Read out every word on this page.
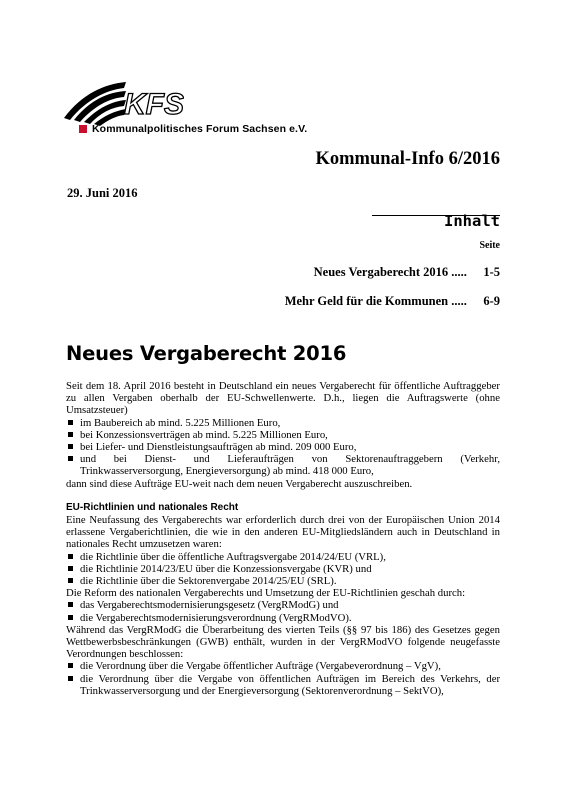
KFS
Kommunalpolitisches Forum Sachsen e.V.
Kommunal-Info 6/2016
29. Juni 2016
Inhalt
Seite
Neues Vergaberecht 2016 ..... 1-5
Mehr Geld für die Kommunen ..... 6-9
Neues Vergaberecht 2016

Seit dem 18. April 2016 besteht in Deutschland ein neues Vergaberecht für öffentliche Auftraggeber zu allen Vergaben oberhalb der EU-Schwellenwerte. D.h., liegen die Auftragswerte (ohne Umsatzsteuer)

im Baubereich ab mind. 5.225 Millionen Euro,
bei Konzessionsverträgen ab mind. 5.225 Millionen Euro,
bei Liefer- und Dienstleistungsaufträgen ab mind. 209 000 Euro,
und bei Dienst- und Lieferaufträgen von Sektorenauftraggebern (Verkehr, Trinkwasserversorgung, Energieversorgung) ab mind. 418 000 Euro,

dann sind diese Aufträge EU-weit nach dem neuen Vergaberecht auszuschreiben.

EU-Richtlinien und nationales Recht

Eine Neufassung des Vergaberechts war erforderlich durch drei von der Europäischen Union 2014 erlassene Vergaberichtlinien, die wie in den anderen EU-Mitgliedsländern auch in Deutschland in nationales Recht umzusetzen waren:

die Richtlinie über die öffentliche Auftragsvergabe 2014/24/EU (VRL),
die Richtlinie 2014/23/EU über die Konzessionsvergabe (KVR) und
die Richtlinie über die Sektorenvergabe 2014/25/EU (SRL).

Die Reform des nationalen Vergaberechts und Umsetzung der EU-Richtlinien geschah durch:

das Vergaberechtsmodernisierungsgesetz (VergRModG) und
die Vergaberechtsmodernisierungsverordnung (VergRModVO).

Während das VergRModG die Überarbeitung des vierten Teils (§§ 97 bis 186) des Gesetzes gegen Wettbewerbsbeschränkungen (GWB) enthält, wurden in der VergRModVO folgende neugefasste Verordnungen beschlossen:

die Verordnung über die Vergabe öffentlicher Aufträge (Vergabeverordnung – VgV),
die Verordnung über die Vergabe von öffentlichen Aufträgen im Bereich des Verkehrs, der Trinkwasserversorgung und der Energieversorgung (Sektorenverordnung – SektVO),
